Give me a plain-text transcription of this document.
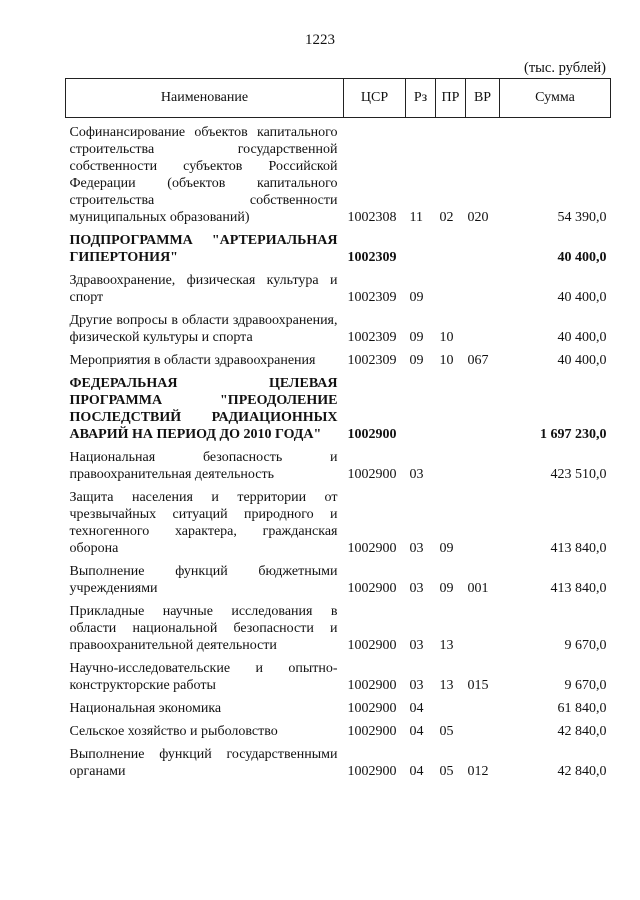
1223
(тыс. рублей)
Наименование	ЦСР	Рз	ПР	ВР	Сумма
Софинансирование объектов капитального строительства государственной собственности субъектов Российской Федерации (объектов капитального строительства собственности муниципальных образований)	1002308	11	02	020	54 390,0
ПОДПРОГРАММА "АРТЕРИАЛЬНАЯ ГИПЕРТОНИЯ"	1002309				40 400,0
Здравоохранение, физическая культура и спорт	1002309	09			40 400,0
Другие вопросы в области здравоохранения, физической культуры и спорта	1002309	09	10		40 400,0
Мероприятия в области здравоохранения	1002309	09	10	067	40 400,0
ФЕДЕРАЛЬНАЯ ЦЕЛЕВАЯ ПРОГРАММА "ПРЕОДОЛЕНИЕ ПОСЛЕДСТВИЙ РАДИАЦИОННЫХ АВАРИЙ НА ПЕРИОД ДО 2010 ГОДА"	1002900				1 697 230,0
Национальная безопасность и правоохранительная деятельность	1002900	03			423 510,0
Защита населения и территории от чрезвычайных ситуаций природного и техногенного характера, гражданская оборона	1002900	03	09		413 840,0
Выполнение функций бюджетными учреждениями	1002900	03	09	001	413 840,0
Прикладные научные исследования в области национальной безопасности и правоохранительной деятельности	1002900	03	13		9 670,0
Научно-исследовательские и опытно-конструкторские работы	1002900	03	13	015	9 670,0
Национальная экономика	1002900	04			61 840,0
Сельское хозяйство и рыболовство	1002900	04	05		42 840,0
Выполнение функций государственными органами	1002900	04	05	012	42 840,0
